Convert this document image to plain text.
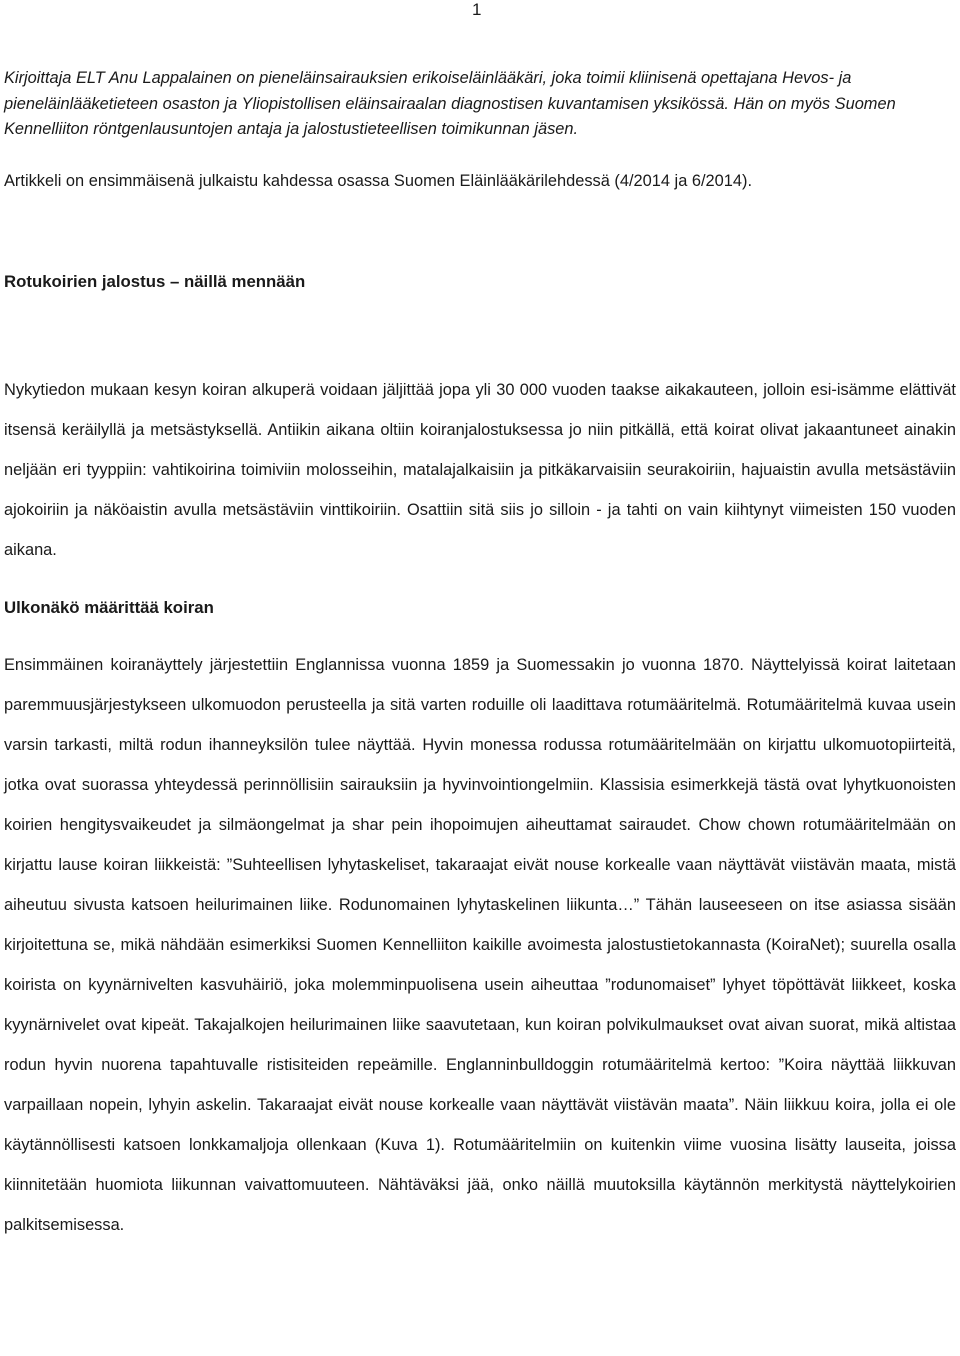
1
Kirjoittaja ELT Anu Lappalainen on pieneläinsairauksien erikoiseläinlääkäri, joka toimii kliinisenä opettajana Hevos- ja pieneläinlääketieteen osaston ja Yliopistollisen eläinsairaalan diagnostisen kuvantamisen yksikössä. Hän on myös Suomen Kennelliiton röntgenlausuntojen antaja ja jalostustieteellisen toimikunnan jäsen.
Artikkeli on ensimmäisenä julkaistu kahdessa osassa Suomen Eläinlääkärilehdessä (4/2014 ja 6/2014).
Rotukoirien jalostus – näillä mennään

Nykytiedon mukaan kesyn koiran alkuperä voidaan jäljittää jopa yli 30 000 vuoden taakse aikakauteen, jolloin esi-isämme elättivät itsensä keräilyllä ja metsästyksellä. Antiikin aikana oltiin koiranjalostuksessa jo niin pitkällä, että koirat olivat jakaantuneet ainakin neljään eri tyyppiin: vahtikoirina toimiviin molosseihin, matalajalkaisiin ja pitkäkarvaisiin seurakoiriin, hajuaistin avulla metsästäviin ajokoiriin ja näköaistin avulla metsästäviin vinttikoiriin. Osattiin sitä siis jo silloin - ja tahti on vain kiihtynyt viimeisten 150 vuoden aikana.

Ulkonäkö määrittää koiran

Ensimmäinen koiranäyttely järjestettiin Englannissa vuonna 1859 ja Suomessakin jo vuonna 1870. Näyttelyissä koirat laitetaan paremmuusjärjestykseen ulkomuodon perusteella ja sitä varten roduille oli laadittava rotumääritelmä. Rotumääritelmä kuvaa usein varsin tarkasti, miltä rodun ihanneyksilön tulee näyttää. Hyvin monessa rodussa rotumääritelmään on kirjattu ulkomuotopiirteitä, jotka ovat suorassa yhteydessä perinnöllisiin sairauksiin ja hyvinvointiongelmiin. Klassisia esimerkkejä tästä ovat lyhytkuonoisten koirien hengitysvaikeudet ja silmäongelmat ja shar pein ihopoimujen aiheuttamat sairaudet. Chow chown rotumääritelmään on kirjattu lause koiran liikkeistä: ”Suhteellisen lyhytaskeliset, takaraajat eivät nouse korkealle vaan näyttävät viistävän maata, mistä aiheutuu sivusta katsoen heilurimainen liike. Rodunomainen lyhytaskelinen liikunta…” Tähän lauseeseen on itse asiassa sisään kirjoitettuna se, mikä nähdään esimerkiksi Suomen Kennelliiton kaikille avoimesta jalostustietokannasta (KoiraNet); suurella osalla koirista on kyynärnivelten kasvuhäiriö, joka molemminpuolisena usein aiheuttaa ”rodunomaiset” lyhyet töpöttävät liikkeet, koska kyynärnivelet ovat kipeät. Takajalkojen heilurimainen liike saavutetaan, kun koiran polvikulmaukset ovat aivan suorat, mikä altistaa rodun hyvin nuorena tapahtuvalle ristisiteiden repeämille. Englanninbulldoggin rotumääritelmä kertoo: ”Koira näyttää liikkuvan varpaillaan nopein, lyhyin askelin. Takaraajat eivät nouse korkealle vaan näyttävät viistävän maata”. Näin liikkuu koira, jolla ei ole käytännöllisesti katsoen lonkkamaljoja ollenkaan (Kuva 1). Rotumääritelmiin on kuitenkin viime vuosina lisätty lauseita, joissa kiinnitetään huomiota liikunnan vaivattomuuteen. Nähtäväksi jää, onko näillä muutoksilla käytännön merkitystä näyttelykoirien palkitsemisessa.
